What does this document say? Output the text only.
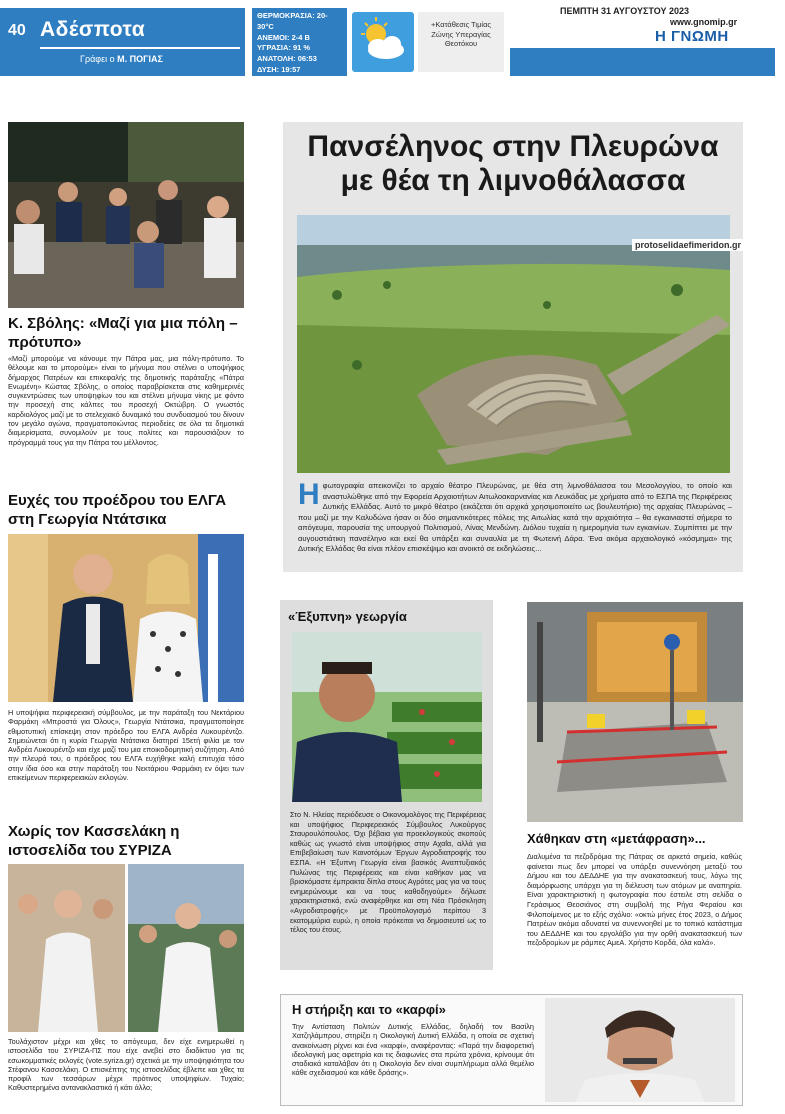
40 Αδέσποτα
Γράφει ο Μ. ΠΟΓΙΑΣ
ΘΕΡΜΟΚΡΑΣΙΑ: 20-30°C
ΑΝΕΜΟΙ: 2-4 B
ΥΓΡΑΣΙΑ: 91 %
ΑΝΑΤΟΛΗ: 06:53
ΔΥΣΗ: 19:57
+Κατάθεσις Τιμίας Ζώνης Υπεραγίας Θεοτόκου
ΠΕΜΠΤΗ 31 ΑΥΓΟΥΣΤΟΥ 2023
www.gnomip.gr
Η ΓΝΩΜΗ
Κ. Σβόλης: «Μαζί για μια πόλη – πρότυπο»
«Μαζί μπορούμε να κάνουμε την Πάτρα μας, μια πόλη-πρότυπο. Το θέλουμε και το μπορούμε» είναι το μήνυμα που στέλνει ο υποψήφιος δήμαρχος Πατρέων και επικεφαλής της δημοτικής παράταξης «Πάτρα Ενωμένη» Κώστας Σβόλης, ο οποίος παραβρίσκεται στις καθημερινές συγκεντρώσεις των υποψηφίων του και στέλνει μήνυμα νίκης με φόντο την προσεχή στις κάλπες του προσεχή Οκτώβρη. Ο γνωστός καρδιολόγος μαζί με το στελεχιακό δυναμικό του συνδυασμού του δίνουν τον μεγάλο αγώνα, πραγματοποιώντας περιοδείες σε όλα τα δημοτικά διαμερίσματα, συνομιλούν με τους πολίτες και παρουσιάζουν το πρόγραμμά τους για την Πάτρα του μέλλοντος.
Ευχές του προέδρου του ΕΛΓΑ στη Γεωργία Ντάτσικα
Η υποψήφια περιφερειακή σύμβουλος, με την παράταξη του Νεκτάριου Φαρμάκη «Μπροστά για Όλους», Γεωργία Ντάτσικα, πραγματοποίησε εθιμοτυπική επίσκεψη στον πρόεδρο του ΕΛΓΑ Ανδρέα Λυκουρέντζο. Σημειώνεται ότι η κυρία Γεωργία Ντάτσικα διατηρεί 15ετή φιλία με τον Ανδρέα Λυκουρέντζο και είχε μαζί του μια εποικοδομητική συζήτηση. Από την πλευρά του, ο πρόεδρος του ΕΛΓΑ ευχήθηκε καλή επιτυχία τόσο στην ίδια όσο και στην παράταξη του Νεκτάριου Φαρμάκη εν όψει των επικείμενων περιφερειακών εκλογών.
Χωρίς τον Κασσελάκη η ιστοσελίδα του ΣΥΡΙΖΑ
Τουλάχιστον μέχρι και χθες το απόγευμα, δεν είχε ενημερωθεί η ιστοσελίδα του ΣΥΡΙΖΑ-ΠΣ που είχε ανεβεί στο διαδίκτυο για τις εσωκομματικές εκλογές (vote.syriza.gr) σχετικά με την υποψηφιότητα του Στέφανου Κασσελάκη. Ο επισκέπτης της ιστοσελίδας έβλεπε και χθες τα προφίλ των τεσσάρων μέχρι πρότινος υποψηφίων. Τυχαίο; Καθυστερημένα αντανακλαστικά ή κάτι άλλο;
Πανσέληνος στην Πλευρώνα με θέα τη λιμνοθάλασσα
protoselidaefimeridon.gr
Ηφωτογραφία απεικονίζει το αρχαίο θέατρο Πλευρώνας, με θέα στη λιμνοθάλασσα του Μεσολογγίου, το οποίο και αναστυλώθηκε από την Εφορεία Αρχαιοτήτων Αιτωλοακαρνανίας και Λευκάδας με χρήματα από το ΕΣΠΑ της Περιφέρειας Δυτικής Ελλάδας. Αυτό το μικρό θέατρο (εικάζεται ότι αρχικά χρησιμοποιείτο ως βουλευτήριο) της αρχαίας Πλευρώνας – που μαζί με την Καλυδώνα ήσαν οι δύο σημαντικότερες πόλεις της Αιτωλίας κατά την αρχαιότητα – θα εγκαινιαστεί σήμερα το απόγευμα, παρουσία της υπουργού Πολιτισμού, Λίνας Μενδώνη. Διόλου τυχαία η ημερομηνία των εγκαινίων. Συμπίπτει με την αυγουστιάτικη πανσέληνο και εκεί θα υπάρξει και συναυλία με τη Φωτεινή Δάρα. Ένα ακόμα αρχαιολογικό «κόσμημα» της Δυτικής Ελλάδας θα είναι πλέον επισκέψιμο και ανοικτό σε εκδηλώσεις...
«Έξυπνη» γεωργία
Στο Ν. Ηλείας περιόδευσε ο Οικονομολόγος της Περιφέρειας και υποψήφιος Περιφερειακός Σύμβουλος Λυκούργος Σταυρουλόπουλος. Όχι βέβαια για προεκλογικούς σκοπούς καθώς ως γνωστό είναι υποψήφιος στην Αχαΐα, αλλά για Επιβεβαίωση των Καινοτόμων Έργων Αγροδιατροφής του ΕΣΠΑ. «Η Έξυπνη Γεωργία είναι βασικός Αναπτυξιακός Πυλώνας της Περιφέρειας και είναι καθήκον μας να βρισκόμαστε έμπρακτα δίπλα στους Αγρότες μας για να τους ενημερώνουμε και να τους καθοδηγούμε» δήλωσε χαρακτηριστικά, ενώ αναφέρθηκε και στη Νέα Πρόσκληση «Αγροδιατροφής» με Προϋπολογισμό περίπου 3 εκατομμύρια ευρώ, η οποία πρόκειται να δημοσιευτεί ως το τέλος του έτους.
Χάθηκαν στη «μετάφραση»...
Διαλυμένα τα πεζοδρόμια της Πάτρας σε αρκετά σημεία, καθώς φαίνεται πως δεν μπορεί να υπάρξει συνεννόηση μεταξύ του Δήμου και του ΔΕΔΔΗΕ για την ανακατασκευή τους, λόγω της διαμόρφωσης υπάρχει για τη διέλευση των ατόμων με αναπηρία. Είναι χαρακτηριστική η φωτογραφία που έστειλε στη σελίδα ο Γεράσιμος Θεοσιάνος στη συμβολή της Ρήγα Φεραίου και Φιλοποίμενος με το εξής σχόλιο: «οκτώ μήνες έτος 2023, ο Δήμος Πατρέων ακόμα αδυνατεί να συνεννοηθεί με το τοπικό κατάστημα του ΔΕΔΔΗΕ και του εργολάβο για την ορθή ανακατασκευή των πεζοδρομίων με ράμπες ΑμεΑ. Χρήστο Κορδά, όλα καλά».
Η στήριξη και το «καρφί»
Την Αντίσταση Πολιτών Δυτικής Ελλάδας, δηλαδή τον Βασίλη Χατζηλάμπρου, στηρίζει η Οικολογική Δυτική Ελλάδα, η οποία σε σχετική ανακοίνωση ρίχνει και ένα «καρφί», αναφέροντας: «Παρά την διαφορετική ιδεολογική μας αφετηρία και τις διαφωνίες στα πρώτα χρόνια, κρίνουμε ότι σταδιακά καταλάβαν ότι η Οικολογία δεν είναι συμπλήρωμα αλλά θεμέλιο κάθε σχεδιασμού και κάθε δράσης».
